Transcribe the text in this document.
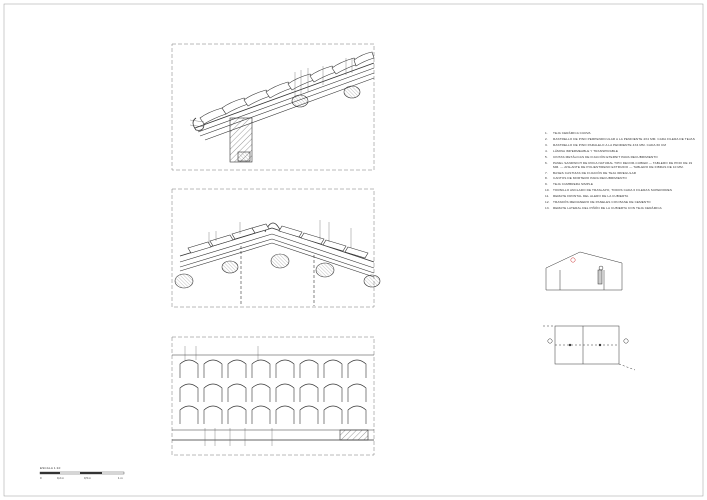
1.	TEJA CERÁMICA CURVA
2.	RASTRELLO DE PINO PERPENDICULAR A LA PENDIENTE 4X4 MM. CADA FILERA DE TEJAS
3.	RASTRELLO DE PINO PARALELO A LA PENDIENTE 4X4 MM. CADA 60 CM
4.	LÁMINA IMPERMEABLE Y TRANSPIRABLE
5.	CINTAS METÁLICAS DE FIJACIÓN ETERNIT PARA RECUBRIMIENTO
6.	PANEL SANDWICH DE ROCA NATURAL TIPO DECOR-CUBIER — TABLERO DE PINO DE 19 MM. — AISLANTE DE POLIESTIRENO EXTRUIDO — TABLERO DE FIBRAS DE 10 MM.
7.	BASES CASTIZAS DE FIJACIÓN DE TEJA IRREGULAR
8.	CANTOS DE MORTERO PARA RECUBRIMIENTO
9.	TEJA CUMBRERA SIMPLE
10.	TORNILLO ANCLADO DE TRASLAPO, TODOS CADA 6 FILERAS SUPERIORES
11.	REMATE FRONTAL DEL ALERO DE LA CUBIERTA
12.	TRASDÓS MEDIANERO DE PANELES CON BASE DE CEMENTO
13.	REMATE LATERAL DEL PIÑÓN DE LA CUBIERTA CON TEJA CERÁMICA
ESCALA 1:10
0	0,2 m	0,5 m	1 m
